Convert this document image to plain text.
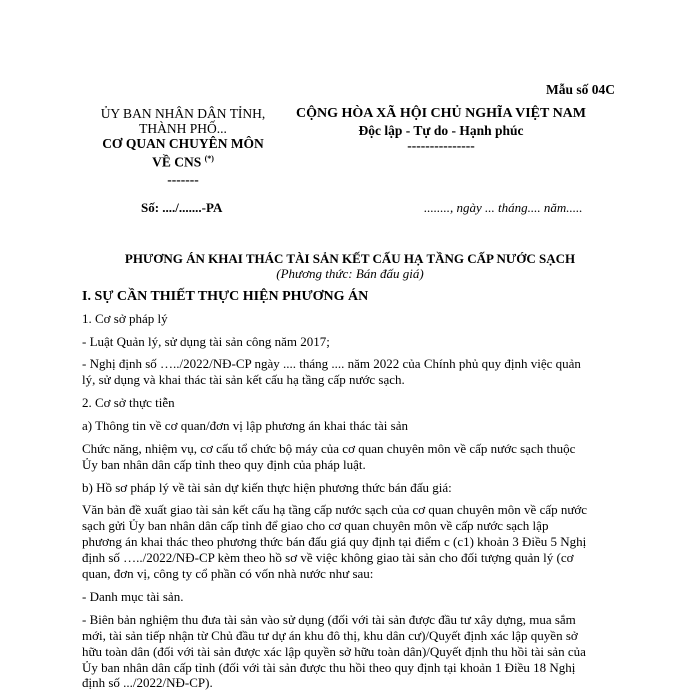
Mẫu số 04C
ỦY BAN NHÂN DÂN TỈNH,
THÀNH PHỐ...
CƠ QUAN CHUYÊN MÔN
VỀ CNS (*)
-------
CỘNG HÒA XÃ HỘI CHỦ NGHĨA VIỆT NAM
Độc lập - Tự do - Hạnh phúc
---------------
Số: ..../.......-PA	........, ngày ... tháng.... năm.....
PHƯƠNG ÁN KHAI THÁC TÀI SẢN KẾT CẤU HẠ TẦNG CẤP NƯỚC SẠCH
(Phương thức: Bán đấu giá)
I. SỰ CẦN THIẾT THỰC HIỆN PHƯƠNG ÁN
1. Cơ sở pháp lý
- Luật Quản lý, sử dụng tài sản công năm 2017;
- Nghị định số …../2022/NĐ-CP ngày .... tháng .... năm 2022 của Chính phủ quy định việc quản
lý, sử dụng và khai thác tài sản kết cấu hạ tầng cấp nước sạch.
2. Cơ sở thực tiễn
a) Thông tin về cơ quan/đơn vị lập phương án khai thác tài sản
Chức năng, nhiệm vụ, cơ cấu tổ chức bộ máy của cơ quan chuyên môn về cấp nước sạch thuộc
Ủy ban nhân dân cấp tỉnh theo quy định của pháp luật.
b) Hồ sơ pháp lý về tài sản dự kiến thực hiện phương thức bán đấu giá:
Văn bản đề xuất giao tài sản kết cấu hạ tầng cấp nước sạch của cơ quan chuyên môn về cấp nước
sạch gửi Ủy ban nhân dân cấp tỉnh để giao cho cơ quan chuyên môn về cấp nước sạch lập
phương án khai thác theo phương thức bán đấu giá quy định tại điểm c (c1) khoản 3 Điều 5 Nghị
định số …../2022/NĐ-CP kèm theo hồ sơ về việc không giao tài sản cho đối tượng quản lý (cơ
quan, đơn vị, công ty cổ phần có vốn nhà nước như sau:
- Danh mục tài sản.
- Biên bản nghiệm thu đưa tài sản vào sử dụng (đối với tài sản được đầu tư xây dựng, mua sắm
mới, tài sản tiếp nhận từ Chủ đầu tư dự án khu đô thị, khu dân cư)/Quyết định xác lập quyền sở
hữu toàn dân (đối với tài sản được xác lập quyền sở hữu toàn dân)/Quyết định thu hồi tài sản của
Ủy ban nhân dân cấp tỉnh (đối với tài sản được thu hồi theo quy định tại khoản 1 Điều 18 Nghị
định số .../2022/NĐ-CP).
